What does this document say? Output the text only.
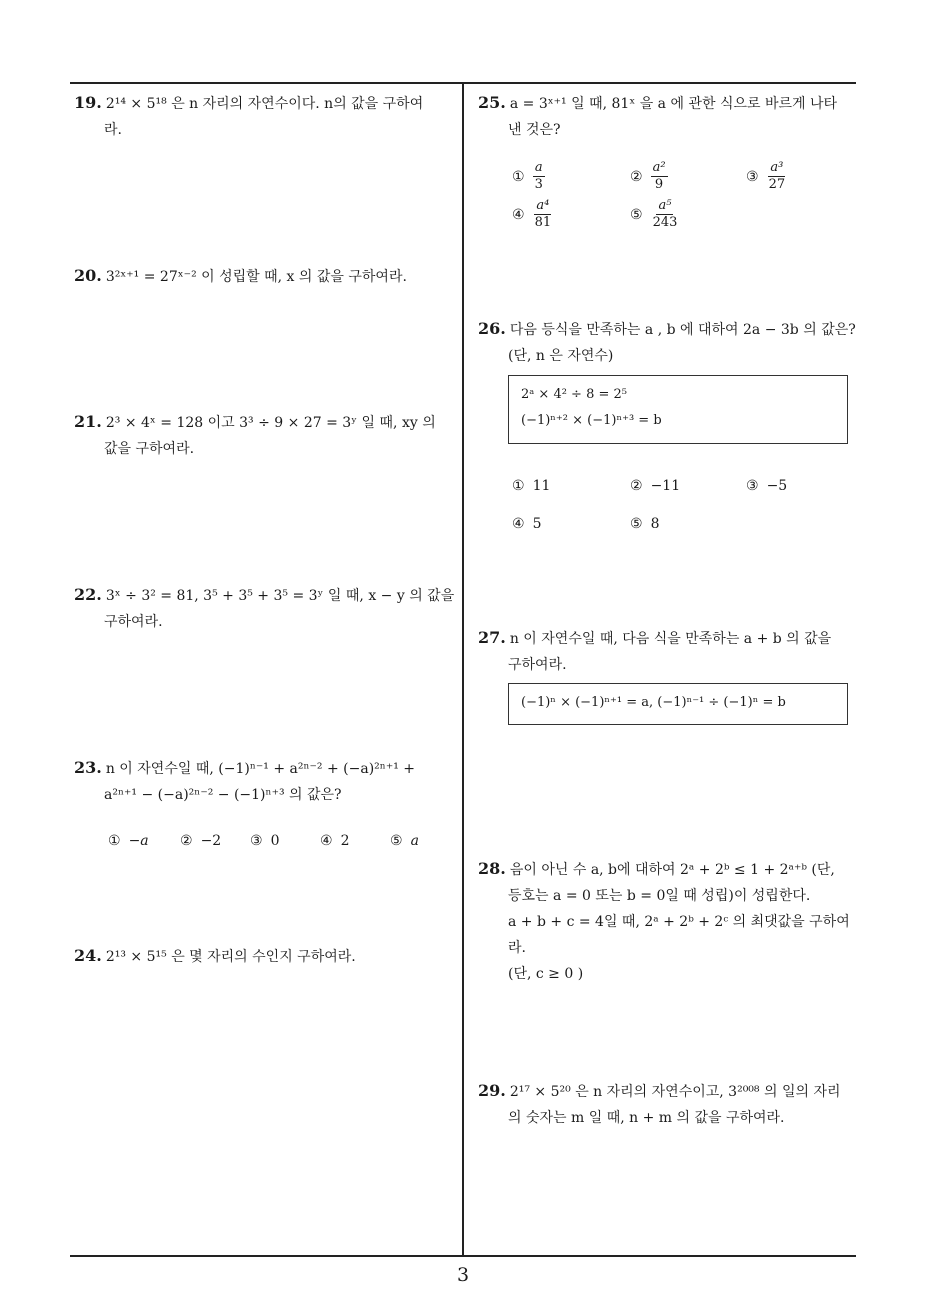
19. 2¹⁴ × 5¹⁸ 은 n 자리의 자연수이다. n의 값을 구하여
라.
20. 3²ˣ⁺¹ = 27ˣ⁻² 이 성립할 때, x 의 값을 구하여라.
21. 2³ × 4ˣ = 128 이고 3³ ÷ 9 × 27 = 3ʸ 일 때, xy 의
값을 구하여라.
22. 3ˣ ÷ 3² = 81, 3⁵ + 3⁵ + 3⁵ = 3ʸ 일 때, x − y 의 값을
구하여라.
23. n 이 자연수일 때, (−1)ⁿ⁻¹ + a²ⁿ⁻² + (−a)²ⁿ⁺¹ +
a²ⁿ⁺¹ − (−a)²ⁿ⁻² − (−1)ⁿ⁺³ 의 값은?
① −a ② −2 ③ 0	④ 2	⑤ a
24. 2¹³ × 5¹⁵ 은 몇 자리의 수인지 구하여라.
25. a = 3ˣ⁺¹ 일 때, 81ˣ 을 a 에 관한 식으로 바르게 나타
낸 것은?
① $\frac{a}{3}$	② $\frac{\text{a²}}{9}$	③ $\frac{\text{a³}}{27}$
④ $\frac{\text{a⁴}}{81}$	⑤ $\frac{\text{a⁵}}{243}$
26. 다음 등식을 만족하는 a , b 에 대하여 2a − 3b 의 값은?
(단, n 은 자연수)
2ᵃ × 4² ÷ 8 = 2⁵
(−1)ⁿ⁺² × (−1)ⁿ⁺³ = b
① 11	② −11	③ −5
④ 5	⑤ 8
27. n 이 자연수일 때, 다음 식을 만족하는 a + b 의 값을
구하여라.
(−1)ⁿ × (−1)ⁿ⁺¹ = a, (−1)ⁿ⁻¹ ÷ (−1)ⁿ = b
28. 음이 아닌 수 a, b에 대하여 2ᵃ + 2ᵇ ≤ 1 + 2ᵃ⁺ᵇ (단,
등호는 a = 0 또는 b = 0일 때 성립)이 성립한다.
a + b + c = 4일 때, 2ᵃ + 2ᵇ + 2ᶜ 의 최댓값을 구하여라.
(단, c ≥ 0 )
29. 2¹⁷ × 5²⁰ 은 n 자리의 자연수이고, 3²⁰⁰⁸ 의 일의 자리
의 숫자는 m 일 때, n + m 의 값을 구하여라.
3
